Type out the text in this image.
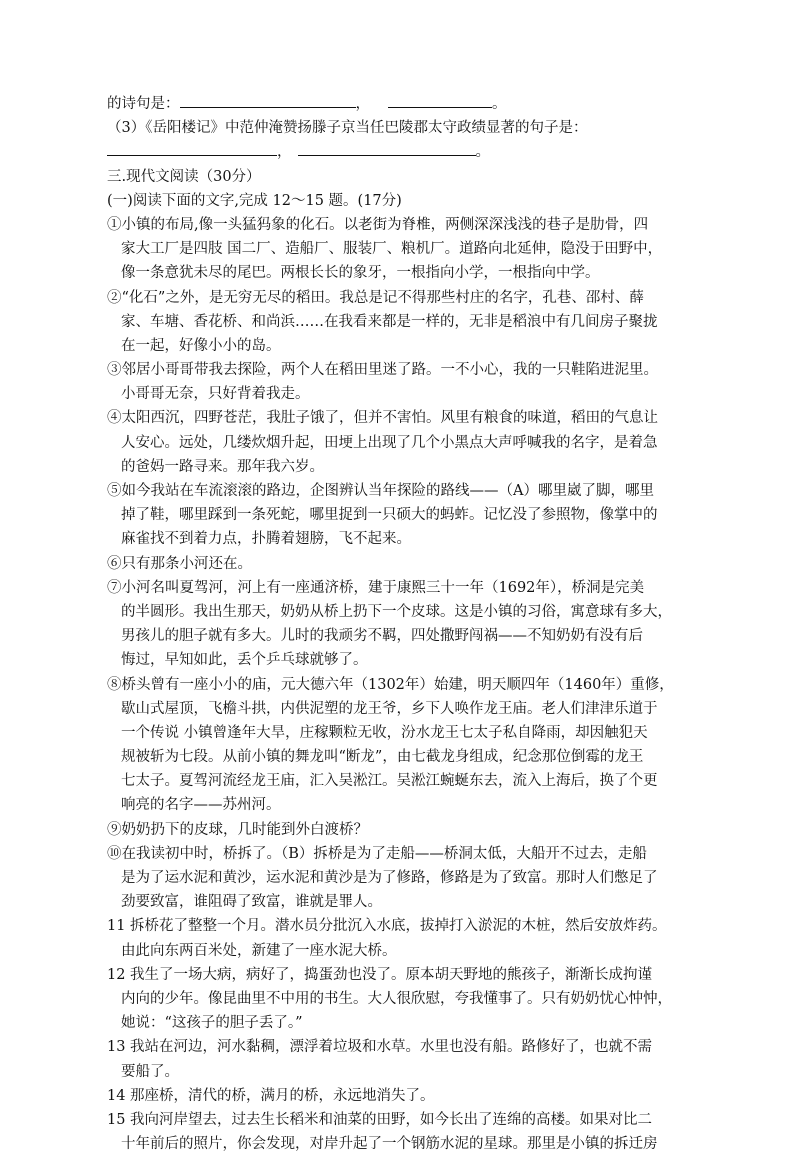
的诗句是：	，	。
（3）《岳阳楼记》中范仲淹赞扬滕子京当任巴陵郡太守政绩显著的句子是：
，	。
三.现代文阅读（30分）
(一)阅读下面的文字,完成 12～15 题。(17分)
①小镇的布局,像一头猛犸象的化石。以老街为脊椎，两侧深深浅浅的巷子是肋骨，四
家大工厂是四肢 国二厂、造船厂、服装厂、粮机厂。道路向北延伸，隐没于田野中，
像一条意犹未尽的尾巴。两根长长的象牙，一根指向小学，一根指向中学。
②“化石”之外，是无穷无尽的稻田。我总是记不得那些村庄的名字，孔巷、邵村、薛
家、车塘、香花桥、和尚浜……在我看来都是一样的，无非是稻浪中有几间房子聚拢
在一起，好像小小的岛。
③邻居小哥哥带我去探险，两个人在稻田里迷了路。一不小心，我的一只鞋陷进泥里。
小哥哥无奈，只好背着我走。
④太阳西沉，四野苍茫，我肚子饿了，但并不害怕。风里有粮食的味道，稻田的气息让
人安心。远处，几缕炊烟升起，田埂上出现了几个小黑点大声呼喊我的名字，是着急
的爸妈一路寻来。那年我六岁。
⑤如今我站在车流滚滚的路边，企图辨认当年探险的路线——（A）哪里崴了脚，哪里
掉了鞋，哪里踩到一条死蛇，哪里捉到一只硕大的蚂蚱。记忆没了参照物，像掌中的
麻雀找不到着力点，扑腾着翅膀，飞不起来。
⑥只有那条小河还在。
⑦小河名叫夏驾河，河上有一座通济桥，建于康熙三十一年（1692年），桥洞是完美
的半圆形。我出生那天，奶奶从桥上扔下一个皮球。这是小镇的习俗，寓意球有多大，
男孩儿的胆子就有多大。儿时的我顽劣不羁，四处撒野闯祸——不知奶奶有没有后
悔过，早知如此，丢个乒乓球就够了。
⑧桥头曾有一座小小的庙，元大德六年（1302年）始建，明天顺四年（1460年）重修，
歇山式屋顶，飞檐斗拱，内供泥塑的龙王爷，乡下人唤作龙王庙。老人们津津乐道于
一个传说 小镇曾逢年大旱，庄稼颗粒无收，汾水龙王七太子私自降雨，却因触犯天
规被斩为七段。从前小镇的舞龙叫“断龙”，由七截龙身组成，纪念那位倒霉的龙王
七太子。夏驾河流经龙王庙，汇入吴淞江。吴淞江蜿蜒东去，流入上海后，换了个更
响亮的名字——苏州河。
⑨奶奶扔下的皮球，几时能到外白渡桥？
⑩在我读初中时，桥拆了。（B）拆桥是为了走船——桥洞太低，大船开不过去，走船
是为了运水泥和黄沙，运水泥和黄沙是为了修路，修路是为了致富。那时人们憋足了
劲要致富，谁阻碍了致富，谁就是罪人。
11 拆桥花了整整一个月。潜水员分批沉入水底，拔掉打入淤泥的木桩，然后安放炸药。
由此向东两百米处，新建了一座水泥大桥。
12 我生了一场大病，病好了，捣蛋劲也没了。原本胡天野地的熊孩子，渐渐长成拘谨
内向的少年。像昆曲里不中用的书生。大人很欣慰，夸我懂事了。只有奶奶忧心忡忡，
她说：“这孩子的胆子丢了。”
13 我站在河边，河水黏稠，漂浮着垃圾和水草。水里也没有船。路修好了，也就不需
要船了。
14 那座桥，清代的桥，满月的桥，永远地消失了。
15 我向河岸望去，过去生长稻米和油菜的田野，如今长出了连绵的高楼。如果对比二
十年前后的照片，你会发现，对岸升起了一个钢筋水泥的星球。那里是小镇的拆迁房
